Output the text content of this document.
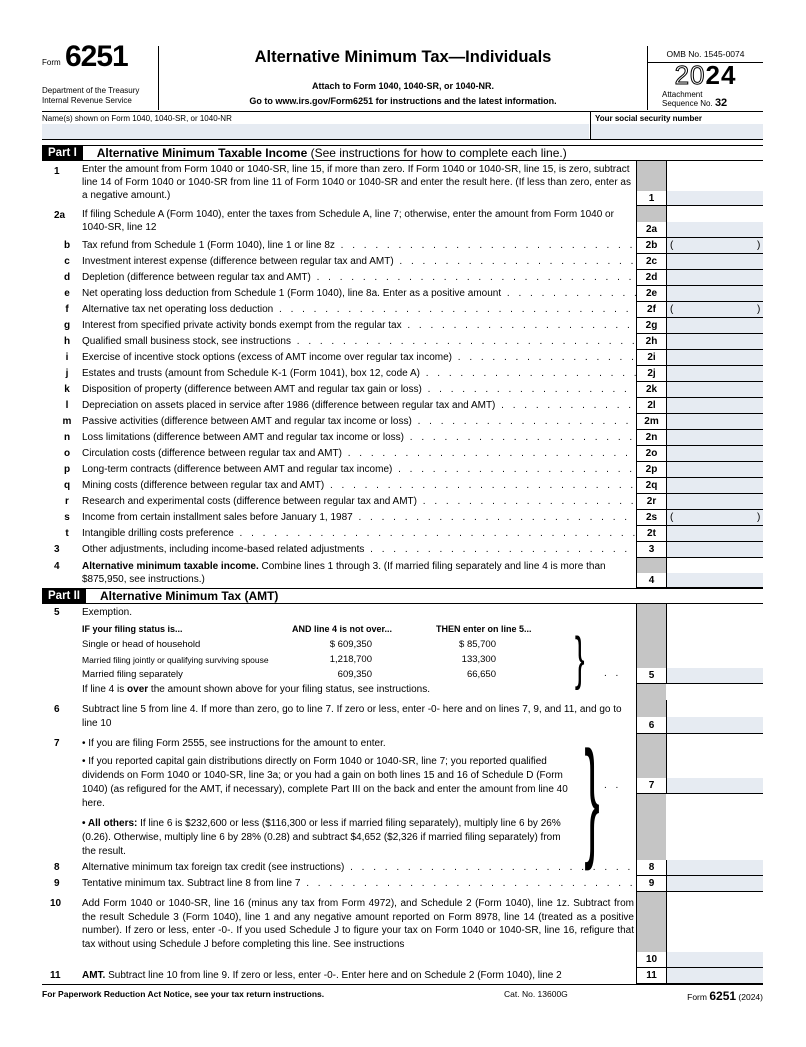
Form 6251
Department of the Treasury
Internal Revenue Service
Alternative Minimum Tax—Individuals
Attach to Form 1040, 1040-SR, or 1040-NR.
Go to www.irs.gov/Form6251 for instructions and the latest information.
OMB No. 1545-0074
2024
Attachment
Sequence No. 32
Name(s) shown on Form 1040, 1040-SR, or 1040-NR	Your social security number
Part I	Alternative Minimum Taxable Income (See instructions for how to complete each line.)
1	Enter the amount from Form 1040 or 1040-SR, line 15, if more than zero. If Form 1040 or 1040-SR, line 15, is zero, subtract line 14 of Form 1040 or 1040-SR from line 11 of Form 1040 or 1040-SR and enter the result here. (If less than zero, enter as a negative amount.)	1
2a	If filing Schedule A (Form 1040), enter the taxes from Schedule A, line 7; otherwise, enter the amount from Form 1040 or 1040-SR, line 12	2a
b	Tax refund from Schedule 1 (Form 1040), line 1 or line 8z . . .	2b	(	)
c	Investment interest expense (difference between regular tax and AMT) . . .	2c
d	Depletion (difference between regular tax and AMT) . . .	2d
e	Net operating loss deduction from Schedule 1 (Form 1040), line 8a. Enter as a positive amount . . .	2e
f	Alternative tax net operating loss deduction . . .	2f	(	)
g	Interest from specified private activity bonds exempt from the regular tax . . .	2g
h	Qualified small business stock, see instructions . . .	2h
i	Exercise of incentive stock options (excess of AMT income over regular tax income) . . .	2i
j	Estates and trusts (amount from Schedule K-1 (Form 1041), box 12, code A) . . .	2j
k	Disposition of property (difference between AMT and regular tax gain or loss) . . .	2k
l	Depreciation on assets placed in service after 1986 (difference between regular tax and AMT) . . .	2l
m	Passive activities (difference between AMT and regular tax income or loss) . . .	2m
n	Loss limitations (difference between AMT and regular tax income or loss) . . .	2n
o	Circulation costs (difference between regular tax and AMT) . . .	2o
p	Long-term contracts (difference between AMT and regular tax income) . . .	2p
q	Mining costs (difference between regular tax and AMT) . . .	2q
r	Research and experimental costs (difference between regular tax and AMT) . . .	2r
s	Income from certain installment sales before January 1, 1987 . . .	2s	(	)
t	Intangible drilling costs preference . . .	2t
3	Other adjustments, including income-based related adjustments . . .	3
4	Alternative minimum taxable income. Combine lines 1 through 3. (If married filing separately and line 4 is more than $875,950, see instructions.)	4
Part II	Alternative Minimum Tax (AMT)
5	Exemption.
IF your filing status is...	AND line 4 is not over...	THEN enter on line 5...
Single or head of household	$ 609,350	$ 85,700
Married filing jointly or qualifying surviving spouse	1,218,700	133,300
Married filing separately	609,350	66,650
If line 4 is over the amount shown above for your filing status, see instructions. } . .	5
6	Subtract line 5 from line 4. If more than zero, go to line 7. If zero or less, enter -0- here and on lines 7, 9, and 11, and go to line 10	6
7	• If you are filing Form 2555, see instructions for the amount to enter.
• If you reported capital gain distributions directly on Form 1040 or 1040-SR, line 7; you reported qualified dividends on Form 1040 or 1040-SR, line 3a; or you had a gain on both lines 15 and 16 of Schedule D (Form 1040) (as refigured for the AMT, if necessary), complete Part III on the back and enter the amount from line 40 here.
• All others: If line 6 is $232,600 or less ($116,300 or less if married filing separately), multiply line 6 by 26% (0.26). Otherwise, multiply line 6 by 28% (0.28) and subtract $4,652 ($2,326 if married filing separately) from the result.	} . .	7
8	Alternative minimum tax foreign tax credit (see instructions) . . .	8
9	Tentative minimum tax. Subtract line 8 from line 7 . . .	9
10	Add Form 1040 or 1040-SR, line 16 (minus any tax from Form 4972), and Schedule 2 (Form 1040), line 1z. Subtract from the result Schedule 3 (Form 1040), line 1 and any negative amount reported on Form 8978, line 14 (treated as a positive number). If zero or less, enter -0-. If you used Schedule J to figure your tax on Form 1040 or 1040-SR, line 16, refigure that tax without using Schedule J before completing this line. See instructions
10
11	AMT. Subtract line 10 from line 9. If zero or less, enter -0-. Enter here and on Schedule 2 (Form 1040), line 2	11
For Paperwork Reduction Act Notice, see your tax return instructions.	Cat. No. 13600G	Form 6251 (2024)
